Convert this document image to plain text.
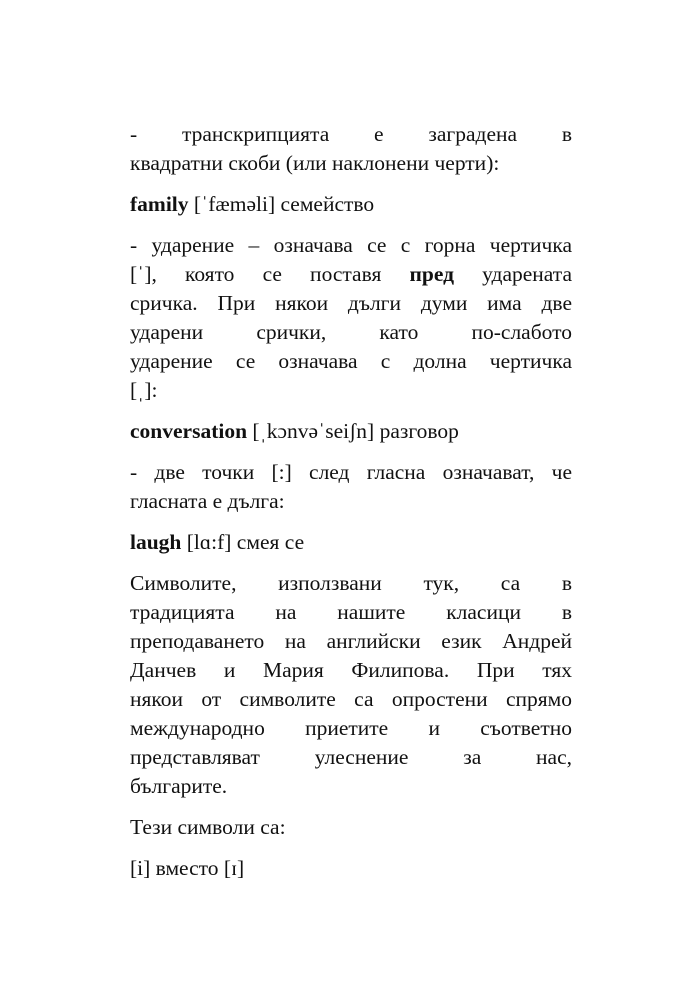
- транскрипцията е заградена в
квадратни скоби (или наклонени черти):
family [ˈfæməli] семейство
- ударение – означава се с горна чертичка
[ˈ], която се поставя пред ударената
сричка. При някои дълги думи има две
ударени срички, като по-слабото
ударение се означава с долна чертичка
[ˌ]:
conversation [ˌkɔnvəˈseiʃn] разговор
- две точки [:] след гласна означават, че
гласната е дълга:
laugh [lɑ:f] смея се
Символите, използвани тук, са в
традицията на нашите класици в
преподаването на английски език Андрей
Данчев и Мария Филипова. При тях
някои от символите са опростени спрямо
международно приетите и съответно
представляват улеснение за нас,
българите.
Тези символи са:
[i] вместо [ɪ]
